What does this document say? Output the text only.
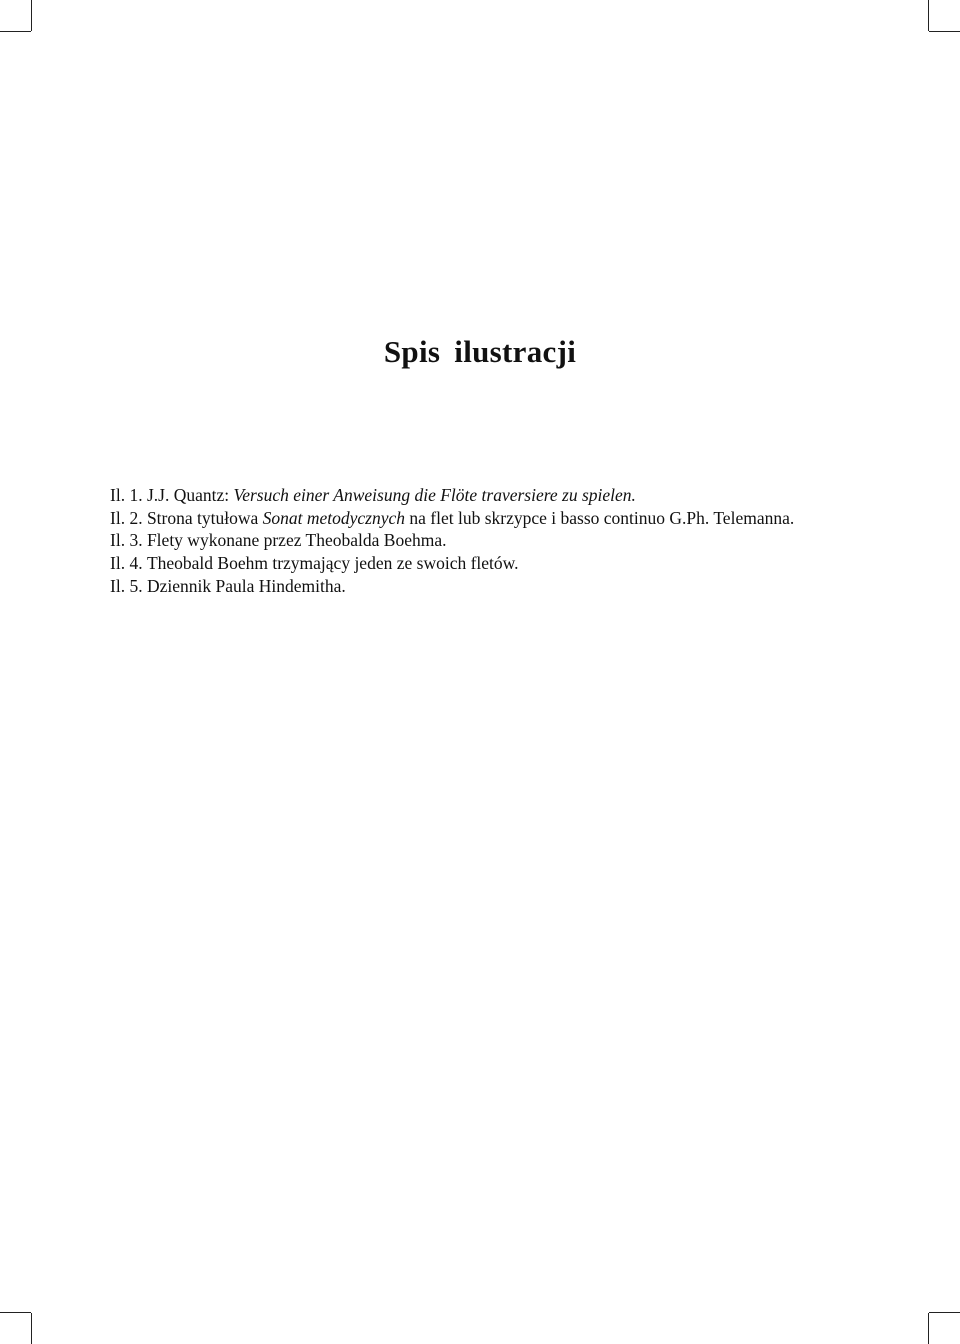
Spis ilustracji
Il. 1. J.J. Quantz: Versuch einer Anweisung die Flöte traversiere zu spielen.
Il. 2. Strona tytułowa Sonat metodycznych na flet lub skrzypce i basso continuo G.Ph. Telemanna.
Il. 3. Flety wykonane przez Theobalda Boehma.
Il. 4. Theobald Boehm trzymający jeden ze swoich fletów.
Il. 5. Dziennik Paula Hindemitha.
